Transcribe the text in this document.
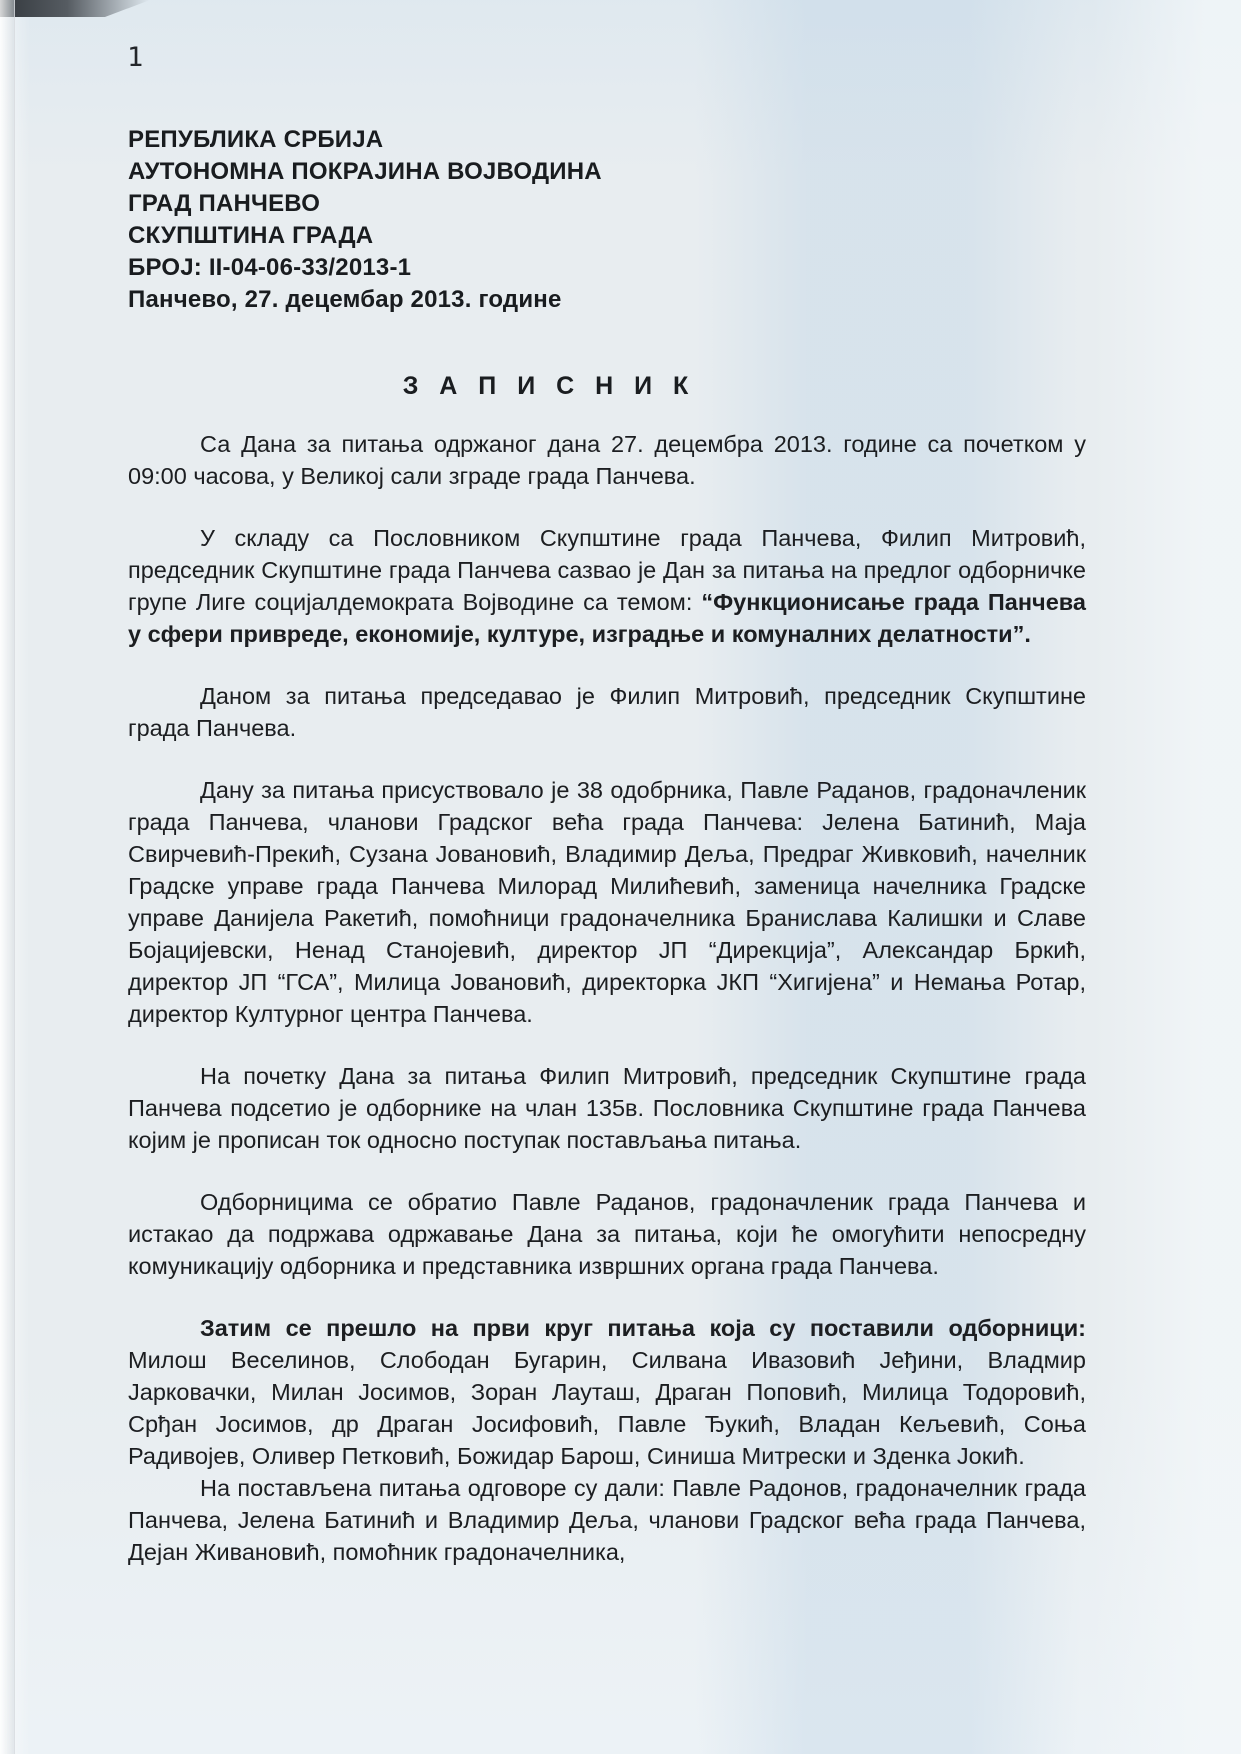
1
РЕПУБЛИКА СРБИЈА
АУТОНОМНА ПОКРАЈИНА ВОЈВОДИНА
ГРАД ПАНЧЕВО
СКУПШТИНА ГРАДА
БРОЈ: II-04-06-33/2013-1
Панчево, 27. децембар 2013. године
З А П И С Н И К

Са Дана за питања одржаног дана 27. децембра 2013. године са почетком у 09:00 часова, у Великој сали зграде града Панчева.

У складу са Пословником Скупштине града Панчева, Филип Митровић, председник Скупштине града Панчева сазвао је Дан за питања на предлог одборничке групе Лиге социјалдемократа Војводине са темом: “Функционисање града Панчева у сфери привреде, економије, културе, изградње и комуналних делатности”.

Даном за питања председавао је Филип Митровић, председник Скупштине града Панчева.

Дану за питања присуствовало је 38 одобрника, Павле Раданов, градоначленик града Панчева, чланови Градског већа града Панчева: Јелена Батинић, Маја Свирчевић-Прекић, Сузана Јовановић, Владимир Деља, Предраг Живковић, начелник Градске управе града Панчева Милорад Милићевић, заменица начелника Градске управе Данијела Ракетић, помоћници градоначелника Бранислава Калишки и Славе Бојацијевски, Ненад Станојевић, директор ЈП “Дирекција”, Александар Бркић, директор ЈП “ГСА”, Милица Јовановић, директорка ЈКП “Хигијена” и Немања Ротар, директор Културног центра Панчева.

На почетку Дана за питања Филип Митровић, председник Скупштине града Панчева подсетио је одборнике на члан 135в. Пословника Скупштине града Панчева којим је прописан ток односно поступак постављања питања.

Одборницима се обратио Павле Раданов, градоначленик града Панчева и истакао да подржава одржавање Дана за питања, који ће омогућити непосредну комуникацију одборника и представника извршних органа града Панчева.

Затим се прешло на први круг питања која су поставили одборници: Милош Веселинов, Слободан Бугарин, Силвана Ивазовић Јеђини, Владмир Јарковачки, Милан Јосимов, Зоран Лауташ, Драган Поповић, Милица Тодоровић, Срђан Јосимов, др Драган Јосифовић, Павле Ђукић, Владан Кељевић, Соња Радивојев, Оливер Петковић, Божидар Барош, Синиша Митрески и Зденка Јокић.

На постављена питања одговоре су дали: Павле Радонов, градоначелник града Панчева, Јелена Батинић и Владимир Деља, чланови Градског већа града Панчева, Дејан Живановић, помоћник градоначелника,
